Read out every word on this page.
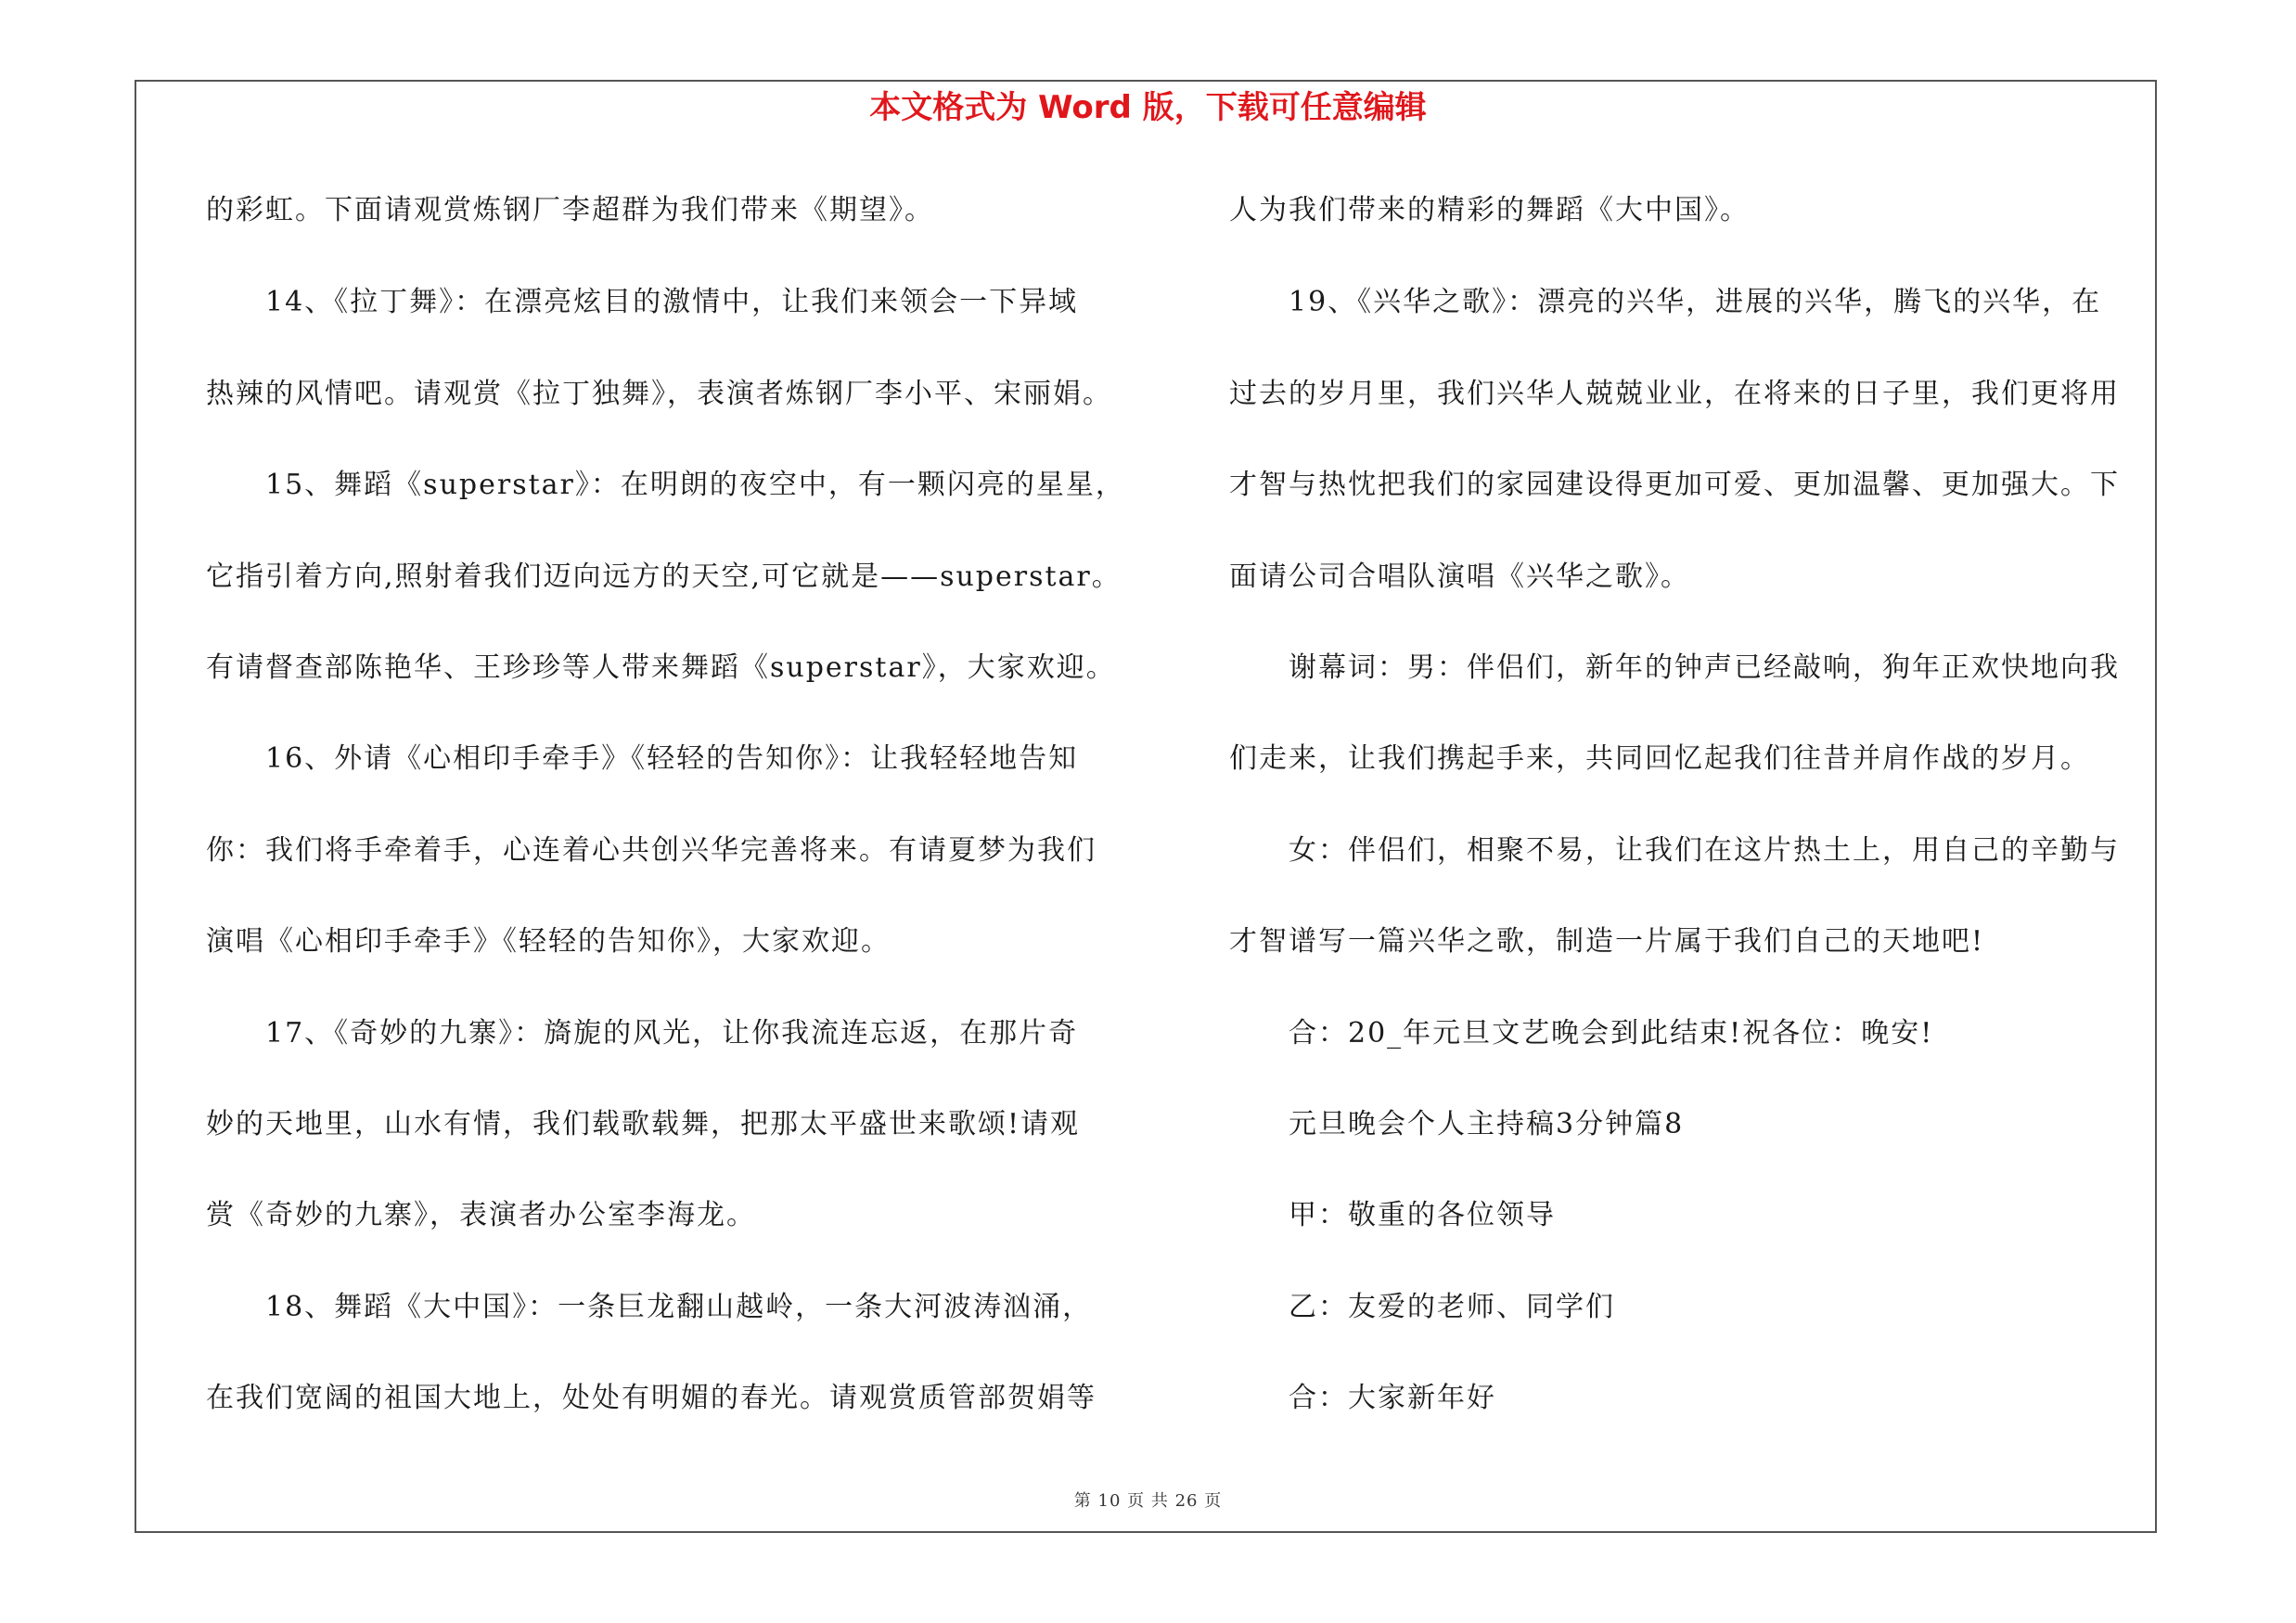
本文格式为 Word 版，下载可任意编辑
的彩虹。下面请观赏炼钢厂李超群为我们带来《期望》。
14、《拉丁舞》：在漂亮炫目的激情中，让我们来领会一下异域
热辣的风情吧。请观赏《拉丁独舞》，表演者炼钢厂李小平、宋丽娟。
15、舞蹈《superstar》：在明朗的夜空中，有一颗闪亮的星星，
它指引着方向,照射着我们迈向远方的天空,可它就是——superstar。
有请督查部陈艳华、王珍珍等人带来舞蹈《superstar》，大家欢迎。
16、外请《心相印手牵手》《轻轻的告知你》：让我轻轻地告知
你：我们将手牵着手，心连着心共创兴华完善将来。有请夏梦为我们
演唱《心相印手牵手》《轻轻的告知你》，大家欢迎。
17、《奇妙的九寨》：旖旎的风光，让你我流连忘返，在那片奇
妙的天地里，山水有情，我们载歌载舞，把那太平盛世来歌颂!请观
赏《奇妙的九寨》，表演者办公室李海龙。
18、舞蹈《大中国》：一条巨龙翻山越岭，一条大河波涛汹涌，
在我们宽阔的祖国大地上，处处有明媚的春光。请观赏质管部贺娟等
人为我们带来的精彩的舞蹈《大中国》。
19、《兴华之歌》：漂亮的兴华，进展的兴华，腾飞的兴华，在
过去的岁月里，我们兴华人兢兢业业，在将来的日子里，我们更将用
才智与热忱把我们的家园建设得更加可爱、更加温馨、更加强大。下
面请公司合唱队演唱《兴华之歌》。
谢幕词：男：伴侣们，新年的钟声已经敲响，狗年正欢快地向我
们走来，让我们携起手来，共同回忆起我们往昔并肩作战的岁月。
女：伴侣们，相聚不易，让我们在这片热土上，用自己的辛勤与
才智谱写一篇兴华之歌，制造一片属于我们自己的天地吧!
合：20_年元旦文艺晚会到此结束!祝各位：晚安!
元旦晚会个人主持稿3分钟篇8
甲：敬重的各位领导
乙：友爱的老师、同学们
合：大家新年好
第 10 页 共 26 页
